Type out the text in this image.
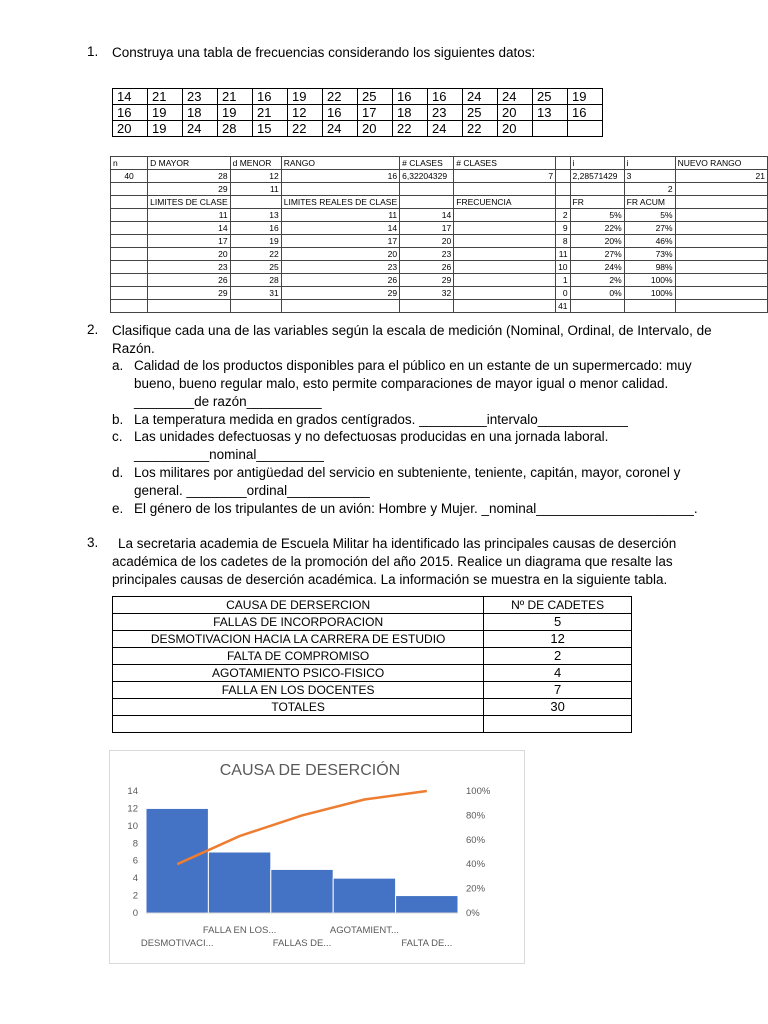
1. Construya una tabla de frecuencias considerando los siguientes datos:
14	21	23	21	16	19	22	25	16	16	24	24	25	19
16	19	18	19	21	12	16	17	18	23	25	20	13	16
20	19	24	28	15	22	24	20	22	24	22	20		
n	D MAYOR	d MENOR	RANGO	# CLASES	# CLASES		i	i	NUEVO RANGO
40	28	12	16	6,32204329	7		2,28571429	3	21
	29	11						2	
	LIMITES DE CLASE		LIMITES REALES DE CLASE		FRECUENCIA		FR	FR ACUM	
	11	13	11	14		2	5%	5%	
	14	16	14	17		9	22%	27%	
	17	19	17	20		8	20%	46%	
	20	22	20	23		11	27%	73%	
	23	25	23	26		10	24%	98%	
	26	28	26	29		1	2%	100%	
	29	31	29	32		0	0%	100%	
						41			
2. Clasifique cada una de las variables según la escala de medición (Nominal, Ordinal, de Intervalo, de
Razón.
a. Calidad de los productos disponibles para el público en un estante de un supermercado: muy
bueno, bueno regular malo, esto permite comparaciones de mayor igual o menor calidad.
________de razón__________
b. La temperatura medida en grados centígrados. _________intervalo____________
c. Las unidades defectuosas y no defectuosas producidas en una jornada laboral.
__________nominal_________
d. Los militares por antigüedad del servicio en subteniente, teniente, capitán, mayor, coronel y
general. ________ordinal___________
e. El género de los tripulantes de un avión: Hombre y Mujer. _nominal_____________________.
3. La secretaria academia de Escuela Militar ha identificado las principales causas de deserción
académica de los cadetes de la promoción del año 2015. Realice un diagrama que resalte las
principales causas de deserción académica. La información se muestra en la siguiente tabla.
CAUSA DE DERSERCION	Nº DE CADETES
FALLAS DE INCORPORACION	5
DESMOTIVACION HACIA LA CARRERA DE ESTUDIO	12
FALTA DE COMPROMISO	2
AGOTAMIENTO PSICO-FISICO	4
FALLA EN LOS DOCENTES	7
TOTALES	30

CAUSA DE DESERCIÓN
0
2
4
6
8
10
12
14
0%
20%
40%
60%
80%
100%
DESMOTIVACI...
FALLA EN LOS...
FALLAS DE...
AGOTAMIENT...
FALTA DE...
